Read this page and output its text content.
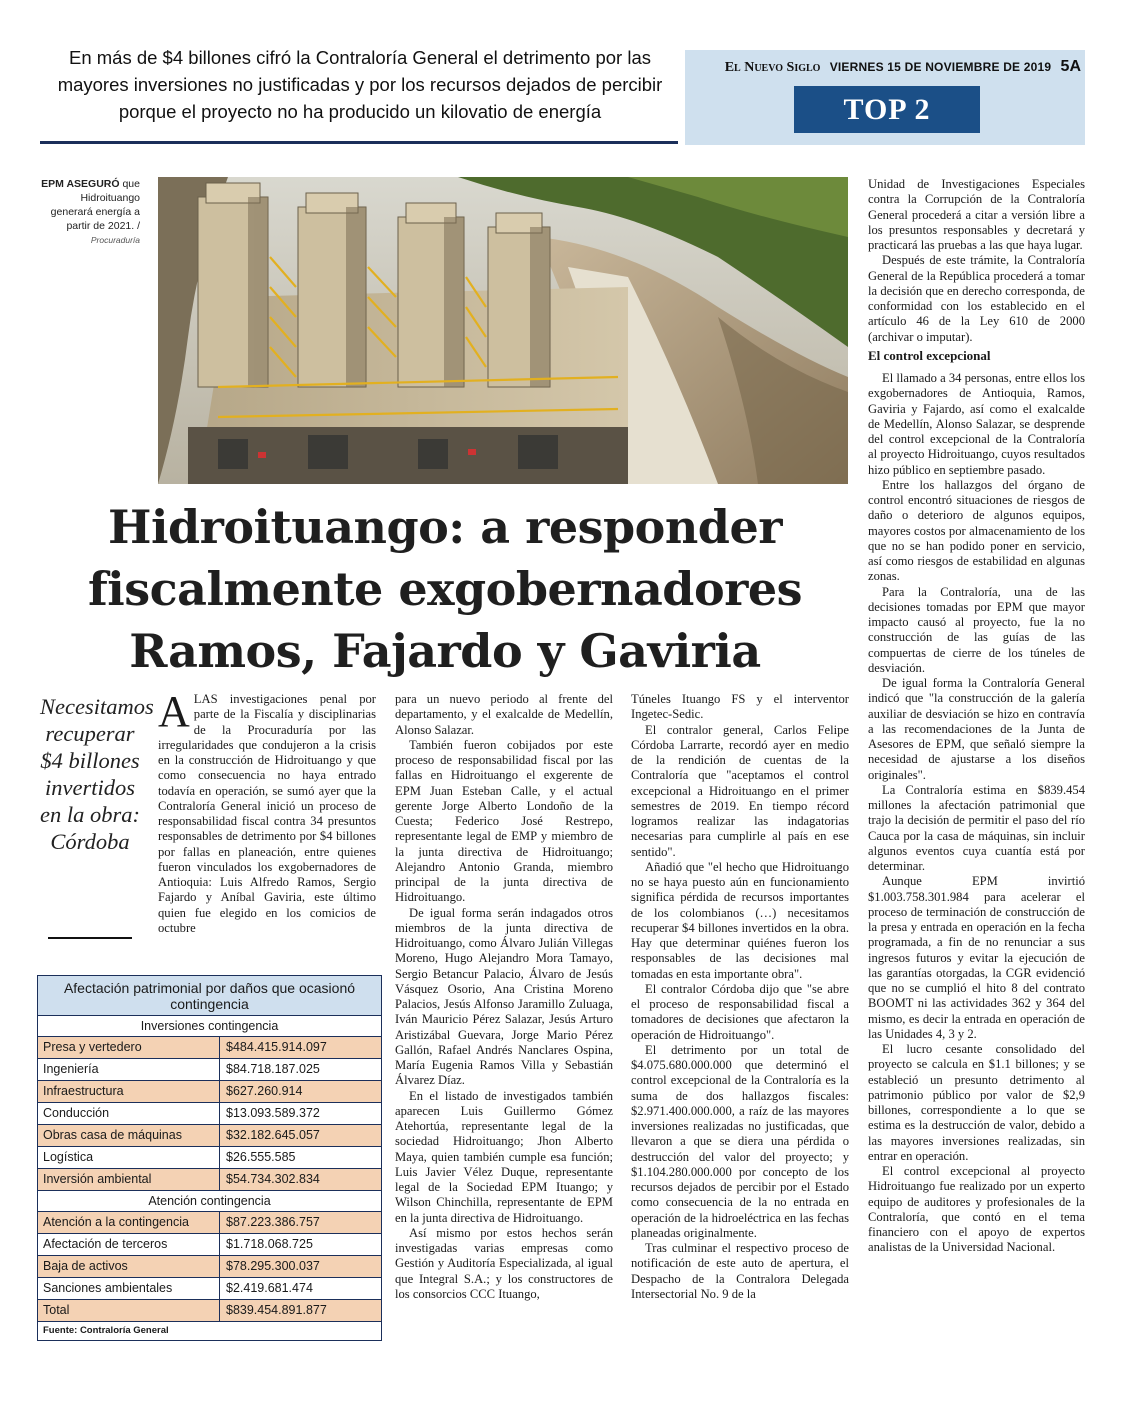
En más de $4 billones cifró la Contraloría General el detrimento por las mayores inversiones no justificadas y por los recursos dejados de percibir porque el proyecto no ha producido un kilovatio de energía
El Nuevo Siglo VIERNES 15 DE NOVIEMBRE DE 2019 5A
TOP 2
EPM ASEGURÓ que Hidroituango generará energía a partir de 2021. /
Procuraduría
Hidroituango: a responder fiscalmente exgobernadores Ramos, Fajardo y Gaviria
Necesitamos recuperar $4 billones invertidos en la obra: Córdoba

ALAS investigaciones penal por parte de la Fiscalía y disciplinarias de la Procuraduría por las irregularidades que condujeron a la crisis en la construcción de Hidroituango y que como consecuencia no haya entrado todavía en operación, se sumó ayer que la Contraloría General inició un proceso de responsabilidad fiscal contra 34 presuntos responsables de detrimento por $4 billones por fallas en planeación, entre quienes fueron vinculados los exgobernadores de Antioquia: Luis Alfredo Ramos, Sergio Fajardo y Aníbal Gaviria, este último quien fue elegido en los comicios de octubre

para un nuevo periodo al frente del departamento, y el exalcalde de Medellín, Alonso Salazar.

También fueron cobijados por este proceso de responsabilidad fiscal por las fallas en Hidroituango el exgerente de EPM Juan Esteban Calle, y el actual gerente Jorge Alberto Londoño de la Cuesta; Federico José Restrepo, representante legal de EMP y miembro de la junta directiva de Hidroituango; Alejandro Antonio Granda, miembro principal de la junta directiva de Hidroituango.

De igual forma serán indagados otros miembros de la junta directiva de Hidroituango, como Álvaro Julián Villegas Moreno, Hugo Alejandro Mora Tamayo, Sergio Betancur Palacio, Álvaro de Jesús Vásquez Osorio, Ana Cristina Moreno Palacios, Jesús Alfonso Jaramillo Zuluaga, Iván Mauricio Pérez Salazar, Jesús Arturo Aristizábal Guevara, Jorge Mario Pérez Gallón, Rafael Andrés Nanclares Ospina, María Eugenia Ramos Villa y Sebastián Álvarez Díaz.

En el listado de investigados también aparecen Luis Guillermo Gómez Atehortúa, representante legal de la sociedad Hidroituango; Jhon Alberto Maya, quien también cumple esa función; Luis Javier Vélez Duque, representante legal de la Sociedad EPM Ituango; y Wilson Chinchilla, representante de EPM en la junta directiva de Hidroituango.

Así mismo por estos hechos serán investigadas varias empresas como Gestión y Auditoría Especializada, al igual que Integral S.A.; y los constructores de los consorcios CCC Ituango,

Túneles Ituango FS y el interventor Ingetec-Sedic.

El contralor general, Carlos Felipe Córdoba Larrarte, recordó ayer en medio de la rendición de cuentas de la Contraloría que "aceptamos el control excepcional a Hidroituango en el primer semestres de 2019. En tiempo récord logramos realizar las indagatorias necesarias para cumplirle al país en ese sentido".

Añadió que "el hecho que Hidroituango no se haya puesto aún en funcionamiento significa pérdida de recursos importantes de los colombianos (…) necesitamos recuperar $4 billones invertidos en la obra. Hay que determinar quiénes fueron los responsables de las decisiones mal tomadas en esta importante obra".

El contralor Córdoba dijo que "se abre el proceso de responsabilidad fiscal a tomadores de decisiones que afectaron la operación de Hidroituango".

El detrimento por un total de $4.075.680.000.000 que determinó el control excepcional de la Contraloría es la suma de dos hallazgos fiscales: $2.971.400.000.000, a raíz de las mayores inversiones realizadas no justificadas, que llevaron a que se diera una pérdida o destrucción del valor del proyecto; y $1.104.280.000.000 por concepto de los recursos dejados de percibir por el Estado como consecuencia de la no entrada en operación de la hidroeléctrica en las fechas planeadas originalmente.

Tras culminar el respectivo proceso de notificación de este auto de apertura, el Despacho de la Contralora Delegada Intersectorial No. 9 de la

Unidad de Investigaciones Especiales contra la Corrupción de la Contraloría General procederá a citar a versión libre a los presuntos responsables y decretará y practicará las pruebas a las que haya lugar.

Después de este trámite, la Contraloría General de la República procederá a tomar la decisión que en derecho corresponda, de conformidad con los establecido en el artículo 46 de la Ley 610 de 2000 (archivar o imputar).

El control excepcional

El llamado a 34 personas, entre ellos los exgobernadores de Antioquia, Ramos, Gaviria y Fajardo, así como el exalcalde de Medellín, Alonso Salazar, se desprende del control excepcional de la Contraloría al proyecto Hidroituango, cuyos resultados hizo público en septiembre pasado.

Entre los hallazgos del órgano de control encontró situaciones de riesgos de daño o deterioro de algunos equipos, mayores costos por almacenamiento de los que no se han podido poner en servicio, así como riesgos de estabilidad en algunas zonas.

Para la Contraloría, una de las decisiones tomadas por EPM que mayor impacto causó al proyecto, fue la no construcción de las guías de las compuertas de cierre de los túneles de desviación.

De igual forma la Contraloría General indicó que "la construcción de la galería auxiliar de desviación se hizo en contravía a las recomendaciones de la Junta de Asesores de EPM, que señaló siempre la necesidad de ajustarse a los diseños originales".

La Contraloría estima en $839.454 millones la afectación patrimonial que trajo la decisión de permitir el paso del río Cauca por la casa de máquinas, sin incluir algunos eventos cuya cuantía está por determinar.

Aunque EPM invirtió $1.003.758.301.984 para acelerar el proceso de terminación de construcción de la presa y entrada en operación en la fecha programada, a fin de no renunciar a sus ingresos futuros y evitar la ejecución de las garantías otorgadas, la CGR evidenció que no se cumplió el hito 8 del contrato BOOMT ni las actividades 362 y 364 del mismo, es decir la entrada en operación de las Unidades 4, 3 y 2.

El lucro cesante consolidado del proyecto se calcula en $1.1 billones; y se estableció un presunto detrimento al patrimonio público por valor de $2,9 billones, correspondiente a lo que se estima es la destrucción de valor, debido a las mayores inversiones realizadas, sin entrar en operación.

El control excepcional al proyecto Hidroituango fue realizado por un experto equipo de auditores y profesionales de la Contraloría, que contó en el tema financiero con el apoyo de expertos analistas de la Universidad Nacional.

Afectación patrimonial por daños que ocasionó contingencia
Inversiones contingencia
Presa y vertedero	$484.415.914.097
Ingeniería	$84.718.187.025
Infraestructura	$627.260.914
Conducción	$13.093.589.372
Obras casa de máquinas	$32.182.645.057
Logística	$26.555.585
Inversión ambiental	$54.734.302.834
Atención contingencia
Atención a la contingencia	$87.223.386.757
Afectación de terceros	$1.718.068.725
Baja de activos	$78.295.300.037
Sanciones ambientales	$2.419.681.474
Total	$839.454.891.877
Fuente: Contraloría General
